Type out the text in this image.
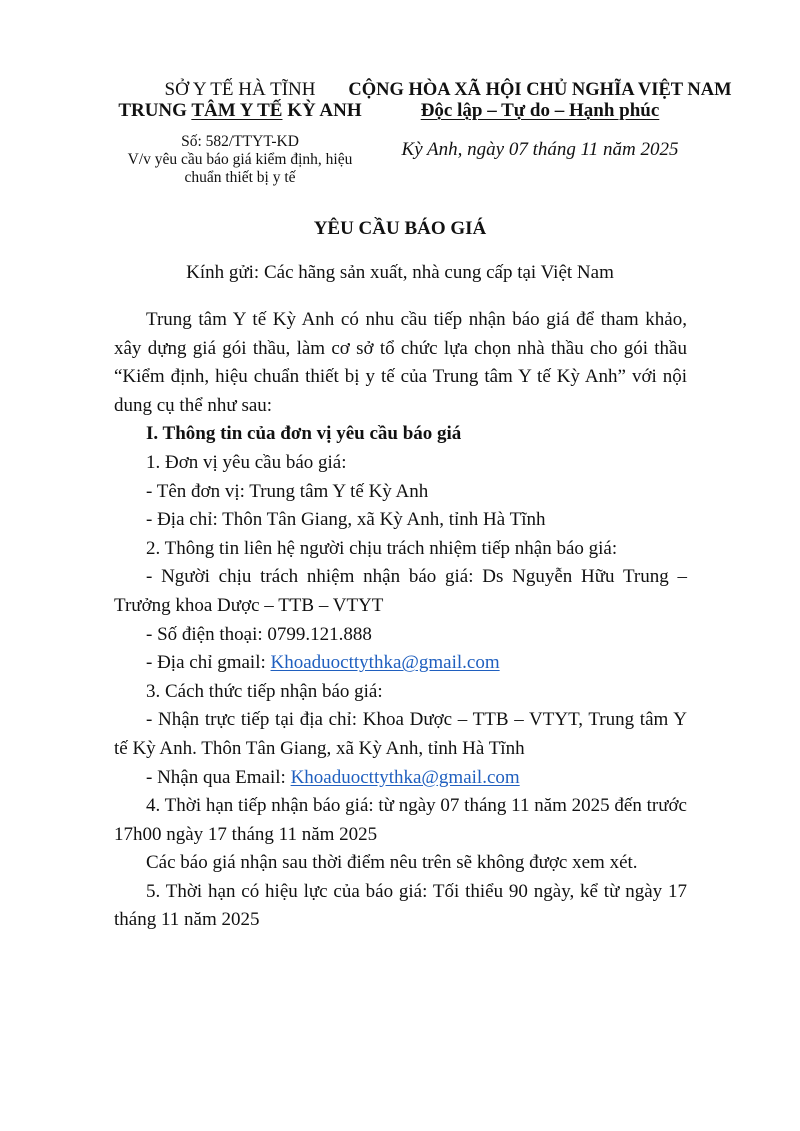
SỞ Y TẾ HÀ TĨNH
TRUNG TÂM Y TẾ KỲ ANH
Số: 582/TTYT-KD
V/v yêu cầu báo giá kiểm định, hiệu
chuẩn thiết bị y tế
CỘNG HÒA XÃ HỘI CHỦ NGHĨA VIỆT NAM
Độc lập – Tự do – Hạnh phúc
Kỳ Anh, ngày 07 tháng 11 năm 2025
YÊU CẦU BÁO GIÁ
Kính gửi: Các hãng sản xuất, nhà cung cấp tại Việt Nam

Trung tâm Y tế Kỳ Anh có nhu cầu tiếp nhận báo giá để tham khảo, xây dựng giá gói thầu, làm cơ sở tổ chức lựa chọn nhà thầu cho gói thầu “Kiểm định, hiệu chuẩn thiết bị y tế của Trung tâm Y tế Kỳ Anh” với nội dung cụ thể như sau:

I. Thông tin của đơn vị yêu cầu báo giá

1. Đơn vị yêu cầu báo giá:

- Tên đơn vị: Trung tâm Y tế Kỳ Anh

- Địa chỉ: Thôn Tân Giang, xã Kỳ Anh, tỉnh Hà Tĩnh

2. Thông tin liên hệ người chịu trách nhiệm tiếp nhận báo giá:

- Người chịu trách nhiệm nhận báo giá: Ds Nguyễn Hữu Trung – Trưởng khoa Dược – TTB – VTYT

- Số điện thoại: 0799.121.888

- Địa chỉ gmail: Khoaduocttythka@gmail.com

3. Cách thức tiếp nhận báo giá:

- Nhận trực tiếp tại địa chỉ: Khoa Dược – TTB – VTYT, Trung tâm Y tế Kỳ Anh. Thôn Tân Giang, xã Kỳ Anh, tỉnh Hà Tĩnh

- Nhận qua Email: Khoaduocttythka@gmail.com

4. Thời hạn tiếp nhận báo giá: từ ngày 07 tháng 11 năm 2025 đến trước 17h00 ngày 17 tháng 11 năm 2025

Các báo giá nhận sau thời điểm nêu trên sẽ không được xem xét.

5. Thời hạn có hiệu lực của báo giá: Tối thiểu 90 ngày, kể từ ngày 17 tháng 11 năm 2025
